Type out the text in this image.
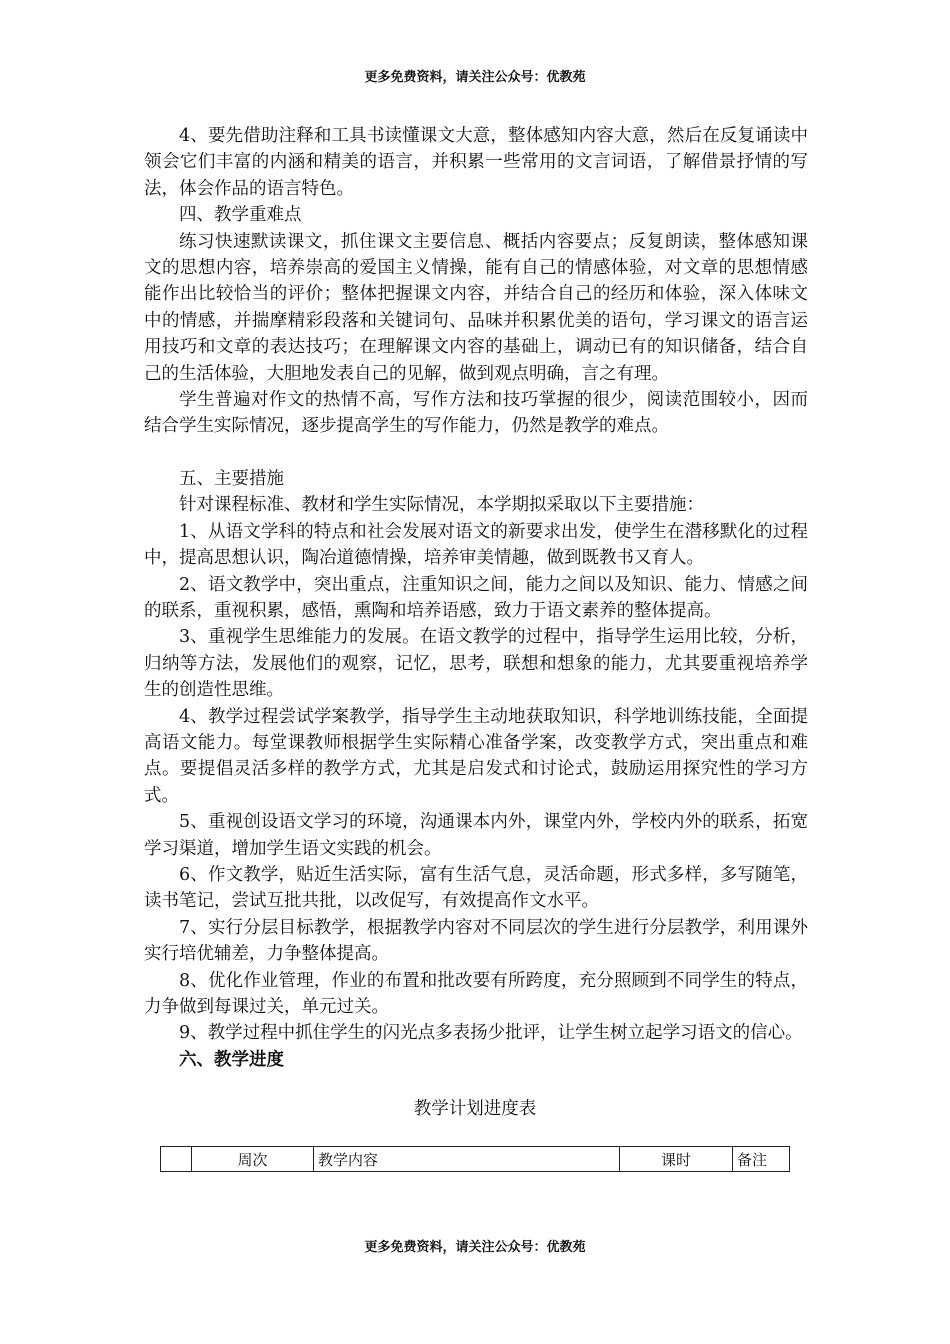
更多免费资料，请关注公众号：优教苑

4、要先借助注释和工具书读懂课文大意，整体感知内容大意，然后在反复诵读中领会它们丰富的内涵和精美的语言，并积累一些常用的文言词语，了解借景抒情的写法，体会作品的语言特色。

四、教学重难点

练习快速默读课文，抓住课文主要信息、概括内容要点；反复朗读，整体感知课文的思想内容，培养崇高的爱国主义情操，能有自己的情感体验，对文章的思想情感能作出比较恰当的评价；整体把握课文内容，并结合自己的经历和体验，深入体味文中的情感，并揣摩精彩段落和关键词句、品味并积累优美的语句，学习课文的语言运用技巧和文章的表达技巧；在理解课文内容的基础上，调动已有的知识储备，结合自己的生活体验，大胆地发表自己的见解，做到观点明确，言之有理。

学生普遍对作文的热情不高，写作方法和技巧掌握的很少，阅读范围较小，因而结合学生实际情况，逐步提高学生的写作能力，仍然是教学的难点。

五、主要措施

针对课程标准、教材和学生实际情况，本学期拟采取以下主要措施：

1、从语文学科的特点和社会发展对语文的新要求出发，使学生在潜移默化的过程中，提高思想认识，陶冶道德情操，培养审美情趣，做到既教书又育人。

2、语文教学中，突出重点，注重知识之间，能力之间以及知识、能力、情感之间的联系，重视积累，感悟，熏陶和培养语感，致力于语文素养的整体提高。

3、重视学生思维能力的发展。在语文教学的过程中，指导学生运用比较，分析，归纳等方法，发展他们的观察，记忆，思考，联想和想象的能力，尤其要重视培养学生的创造性思维。

4、教学过程尝试学案教学，指导学生主动地获取知识，科学地训练技能，全面提高语文能力。每堂课教师根据学生实际精心准备学案，改变教学方式，突出重点和难点。要提倡灵活多样的教学方式，尤其是启发式和讨论式，鼓励运用探究性的学习方式。

5、重视创设语文学习的环境，沟通课本内外，课堂内外，学校内外的联系，拓宽学习渠道，增加学生语文实践的机会。

6、作文教学，贴近生活实际，富有生活气息，灵活命题，形式多样，多写随笔，读书笔记，尝试互批共批，以改促写，有效提高作文水平。

7、实行分层目标教学，根据教学内容对不同层次的学生进行分层教学，利用课外实行培优辅差，力争整体提高。

8、优化作业管理，作业的布置和批改要有所跨度，充分照顾到不同学生的特点，力争做到每课过关，单元过关。

9、教学过程中抓住学生的闪光点多表扬少批评，让学生树立起学习语文的信心。

六、教学进度

教学计划进度表
	周次	教学内容	课时	备注
更多免费资料，请关注公众号：优教苑
